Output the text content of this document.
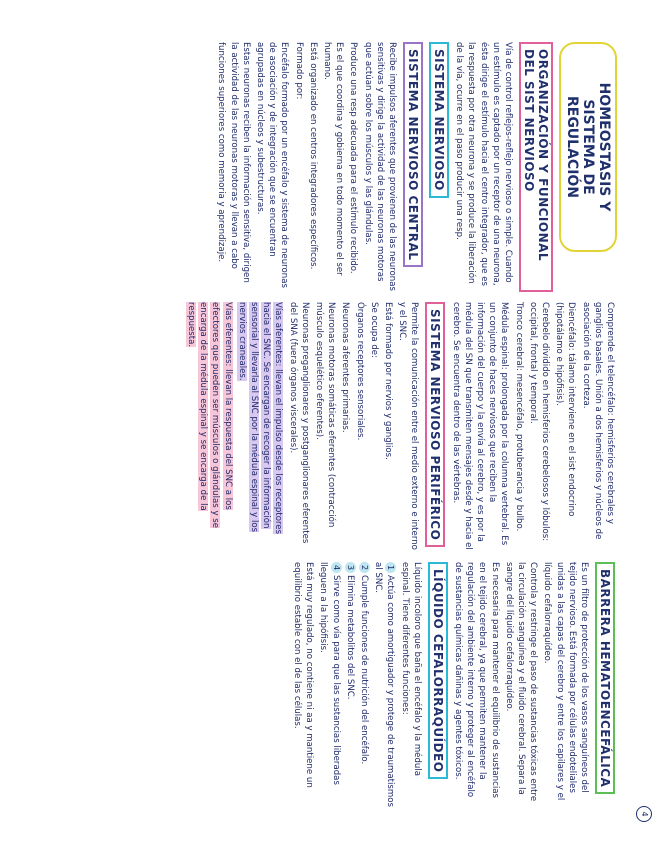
HOMEOSTASIS Y SISTEMA DE REGULACIÓN
ORGANIZACIÓN Y FUNCIONAL DEL SIST NERVIOSO

Vía de control reflejos-reflejo nervioso o simple. Cuando un estímulo es captado por un receptor de una neurona, ésta dirige el estímulo hacia el centro integrador, que es la respuesta por otra neurona y se produce la liberación de la vía, ocurre en el paso producir una resp.

SISTEMA NERVIOSO SISTEMA NERVIOSO CENTRAL

Recibe impulsos aferentes que provienen de las neuronas sensitivas y dirige la actividad de las neuronas motoras que actúan sobre los músculos y las glándulas.

Produce una resp adecuada para el estímulo recibido.

Es el que coordina y gobierna en todo momento el ser humano.

Está organizado en centros integradores específicos.

Formado por:

Encéfalo formado por un encéfalo y sistema de neuronas de asociación y de integración que se encuentran agrupadas en núcleos y subestructuras.

Estas neuronas reciben la información sensitiva, dirigen la actividad de las neuronas motoras y llevan a cabo funciones superiores como memoria y aprendizaje.

Comprende el telencéfalo: hemisferios cerebrales y ganglios basales. Unión a dos hemisferios y núcleos de asociación de la corteza.

Diencéfalo: tálamo interviene en el sist endocrino (hipotálamo e hipófisis).

Cerebelo dividido en hemisferios cerebelosos y lóbulos: occipital, frontal y temporal.

Tronco cerebral: mesencéfalo, protuberancia y bulbo.

Médula espinal: prolongada por la columna vertebral. Es un conjunto de haces nerviosos que reciben la información del cuerpo y la envía al cerebro, y es por la médula del SN que transmiten mensajes desde y hacia el cerebro. Se encuentra dentro de las vértebras.

SISTEMA NERVIOSO PERIFÉRICO

Permite la comunicación entre el medio externo e interno y el SNC.

Está formado por nervios y ganglios.

Se ocupa de:

Órganos receptores sensoriales.

Neuronas aferentes primarias.

Neuronas motoras somáticas eferentes (contracción músculo esquelético eferentes).

Neuronas preganglionares y postganglionares eferentes del SNA (fuera órganos viscerales).

Vías aferentes: llevan el impulso desde los receptores hacia el SNC. Se encargan de recoger la información sensorial y llevarla al SNC por la médula espinal y los nervios craneales.

Vías eferentes: llevan la respuesta del SNC a los efectores que pueden ser músculos o glándulas y se encarga de la médula espinal y se encarga de la respuesta.

BARRERA HEMATOENCEFÁLICA

Es un filtro de protección de los vasos sanguíneos del tejido nervioso. Está formada por células endoteliales unidas a las capas del cerebro y entre los capilares y el líquido cefalorraquídeo.

Controla y restringe el paso de sustancias tóxicas entre la circulación sanguínea y el fluido cerebral. Separa la sangre del líquido cefalorraquídeo.

Es necesaria para mantener el equilibrio de sustancias en el tejido cerebral, ya que permiten mantener la regulación del ambiente interno y proteger al encéfalo de sustancias químicas dañinas y agentes tóxicos.

LÍQUIDO CEFALORRAQUÍDEO

Líquido incoloro que baña el encéfalo y la médula espinal. Tiene diferentes funciones:

1Actúa como amortiguador y protege de traumatismos al SNC.

2Cumple funciones de nutrición del encéfalo.

3Elimina metabolitos del SNC.

4Sirve como vía para que las sustancias liberadas lleguen a la hipófisis.

Está muy regulado, no contiene ni aa y mantiene un equilibrio estable con el de las células.

4
